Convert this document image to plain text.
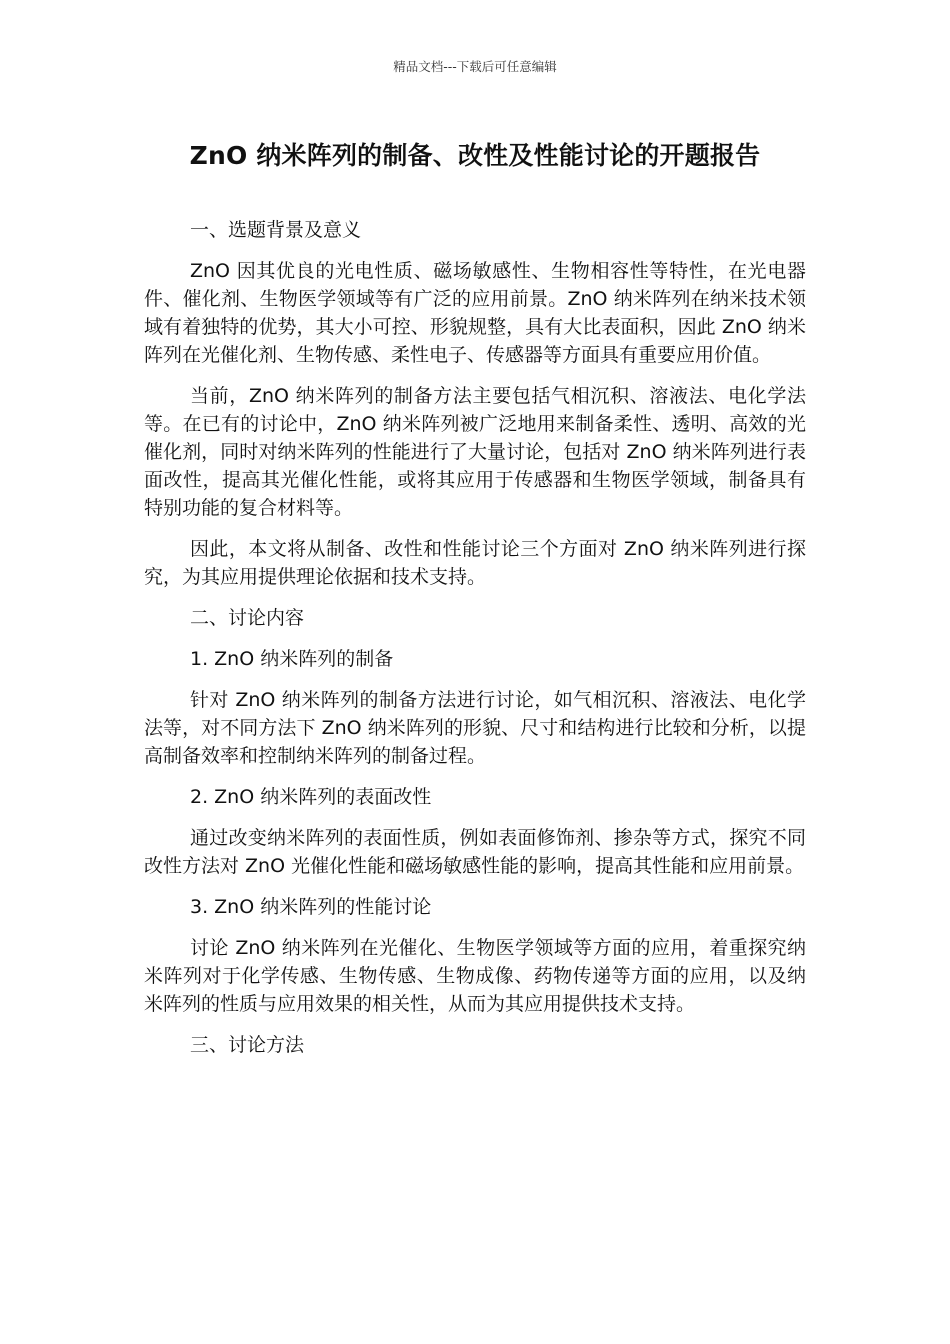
精品文档---下载后可任意编辑
ZnO 纳米阵列的制备、改性及性能讨论的开题报告

一、选题背景及意义

ZnO 因其优良的光电性质、磁场敏感性、生物相容性等特性，在光电器件、催化剂、生物医学领域等有广泛的应用前景。ZnO 纳米阵列在纳米技术领域有着独特的优势，其大小可控、形貌规整，具有大比表面积，因此 ZnO 纳米阵列在光催化剂、生物传感、柔性电子、传感器等方面具有重要应用价值。

当前，ZnO 纳米阵列的制备方法主要包括气相沉积、溶液法、电化学法等。在已有的讨论中，ZnO 纳米阵列被广泛地用来制备柔性、透明、高效的光催化剂，同时对纳米阵列的性能进行了大量讨论，包括对 ZnO 纳米阵列进行表面改性，提高其光催化性能，或将其应用于传感器和生物医学领域，制备具有特别功能的复合材料等。

因此，本文将从制备、改性和性能讨论三个方面对 ZnO 纳米阵列进行探究，为其应用提供理论依据和技术支持。

二、讨论内容

1. ZnO 纳米阵列的制备

针对 ZnO 纳米阵列的制备方法进行讨论，如气相沉积、溶液法、电化学法等，对不同方法下 ZnO 纳米阵列的形貌、尺寸和结构进行比较和分析，以提高制备效率和控制纳米阵列的制备过程。

2. ZnO 纳米阵列的表面改性

通过改变纳米阵列的表面性质，例如表面修饰剂、掺杂等方式，探究不同改性方法对 ZnO 光催化性能和磁场敏感性能的影响，提高其性能和应用前景。

3. ZnO 纳米阵列的性能讨论

讨论 ZnO 纳米阵列在光催化、生物医学领域等方面的应用，着重探究纳米阵列对于化学传感、生物传感、生物成像、药物传递等方面的应用，以及纳米阵列的性质与应用效果的相关性，从而为其应用提供技术支持。

三、讨论方法
